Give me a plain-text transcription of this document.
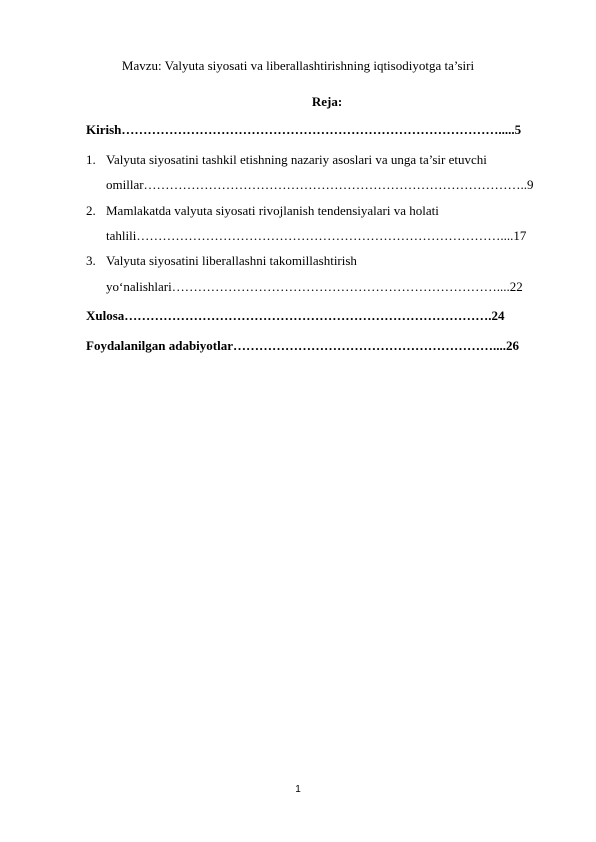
Mavzu: Valyuta siyosati va liberallashtirishning iqtisodiyotga ta’siri
Reja:
Kirish…………………………………………………………………………….....5
1. Valyuta siyosatini tashkil etishning nazariy asoslari va unga ta’sir etuvchi
omillar……………………………………………………………………………..9
2. Mamlakatda valyuta siyosati rivojlanish tendensiyalari va holati
tahlili…………………………………………………………………………....17
3. Valyuta siyosatini liberallashni takomillashtirish
yo‘nalishlari…………………………………………………………………....22
Xulosa………………………………………………………………………….24
Foydalanilgan adabiyotlar……………………………………………………....26
1
